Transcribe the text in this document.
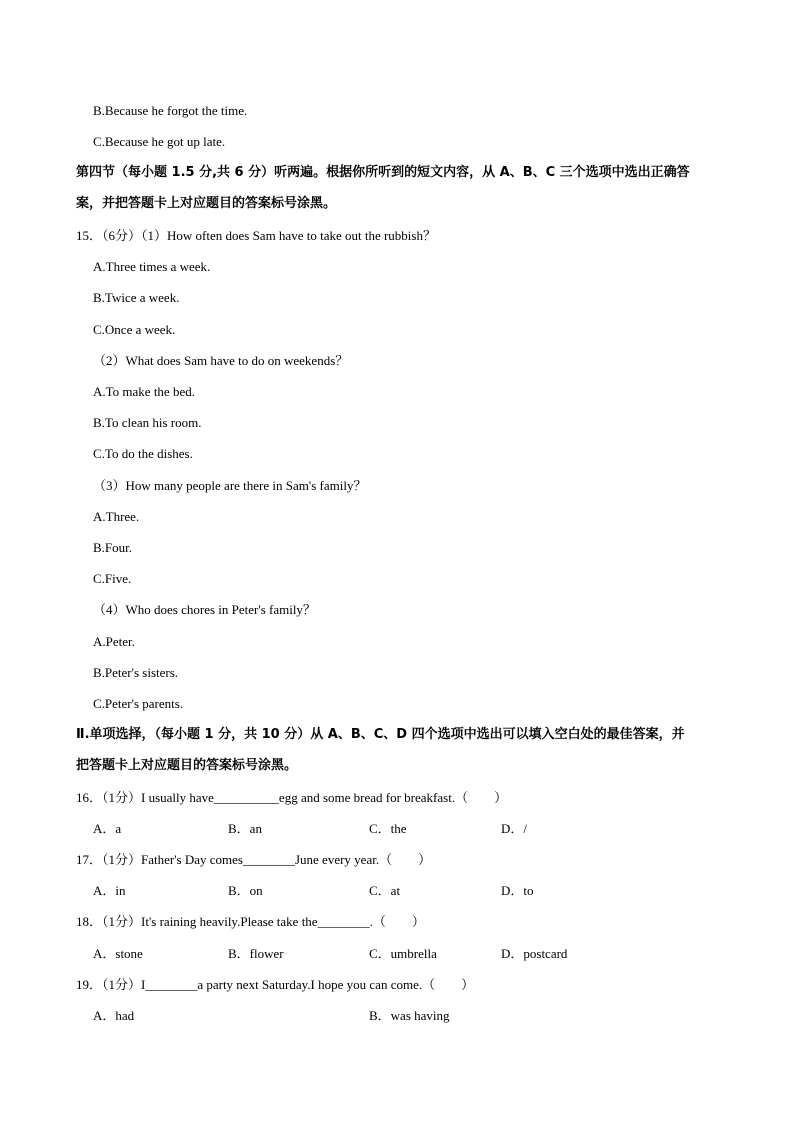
B.Because he forgot the time.
C.Because he got up late.
第四节（每小题 1.5 分,共 6 分）听两遍。根据你所听到的短文内容，从 A、B、C 三个选项中选出正确答
案，并把答题卡上对应题目的答案标号涂黑。
15．（6分）（1）How often does Sam have to take out the rubbish？
A.Three times a week.
B.Twice a week.
C.Once a week.
（2）What does Sam have to do on weekends？
A.To make the bed.
B.To clean his room.
C.To do the dishes.
（3）How many people are there in Sam's family？
A.Three.
B.Four.
C.Five.
（4）Who does chores in Peter's family？
A.Peter.
B.Peter's sisters.
C.Peter's parents.
Ⅱ.单项选择，（每小题 1 分，共 10 分）从 A、B、C、D 四个选项中选出可以填入空白处的最佳答案，并
把答题卡上对应题目的答案标号涂黑。
16．（1分）I usually have__________egg and some bread for breakfast.（　　）
A．a	B．an	C．the	D．/
17．（1分）Father's Day comes________June every year.（　　）
A．in	B．on	C．at	D．to
18．（1分）It's raining heavily.Please take the________.（　　）
A．stone	B．flower	C．umbrella	D．postcard
19．（1分）I________a party next Saturday.I hope you can come.（　　）
A．had	B．was having
